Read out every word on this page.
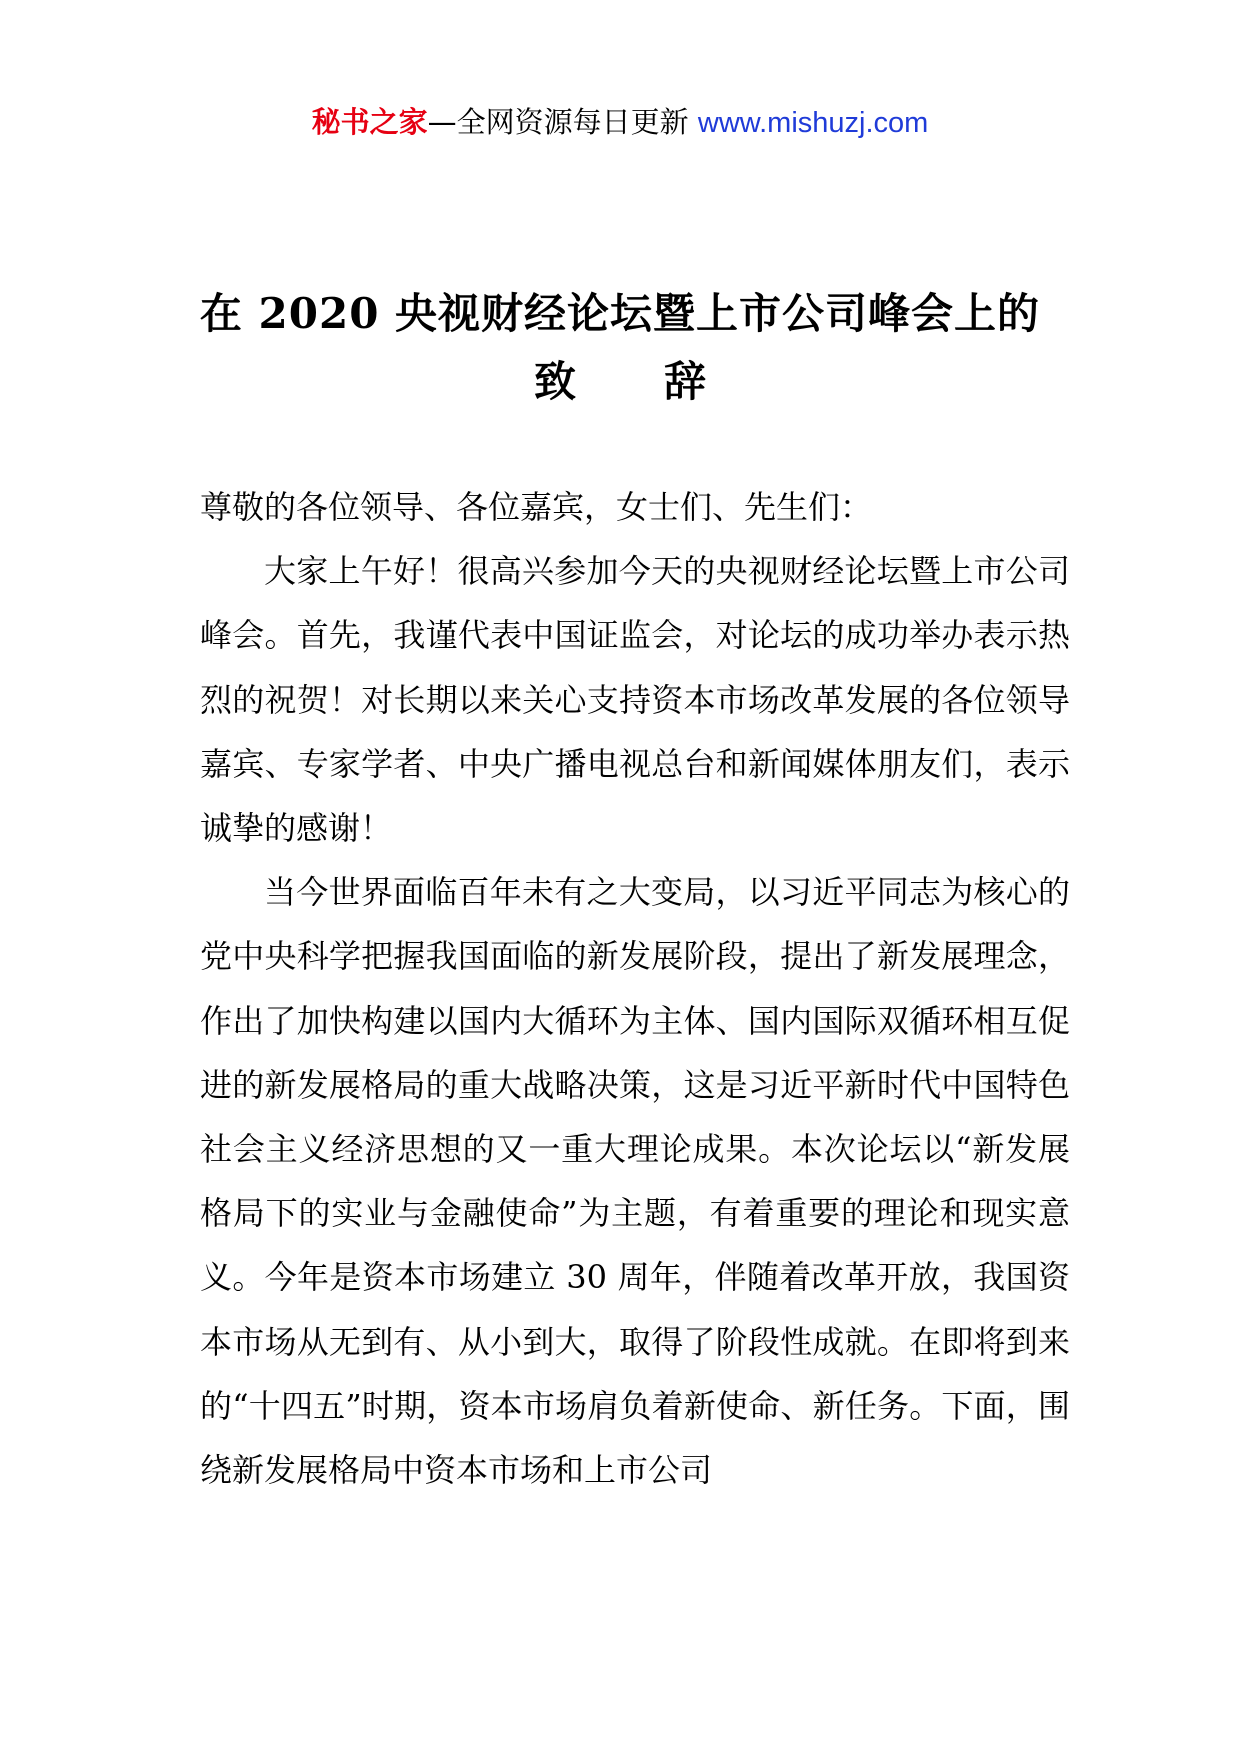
秘书之家—全网资源每日更新 www.mishuzj.com
在 2020 央视财经论坛暨上市公司峰会上的
致辞

尊敬的各位领导、各位嘉宾，女士们、先生们：

大家上午好！很高兴参加今天的央视财经论坛暨上市公司峰会。首先，我谨代表中国证监会，对论坛的成功举办表示热烈的祝贺！对长期以来关心支持资本市场改革发展的各位领导嘉宾、专家学者、中央广播电视总台和新闻媒体朋友们，表示诚挚的感谢！

当今世界面临百年未有之大变局，以习近平同志为核心的党中央科学把握我国面临的新发展阶段，提出了新发展理念，作出了加快构建以国内大循环为主体、国内国际双循环相互促进的新发展格局的重大战略决策，这是习近平新时代中国特色社会主义经济思想的又一重大理论成果。本次论坛以“新发展格局下的实业与金融使命”为主题，有着重要的理论和现实意义。今年是资本市场建立 30 周年，伴随着改革开放，我国资本市场从无到有、从小到大，取得了阶段性成就。在即将到来的“十四五”时期，资本市场肩负着新使命、新任务。下面，围绕新发展格局中资本市场和上市公司
